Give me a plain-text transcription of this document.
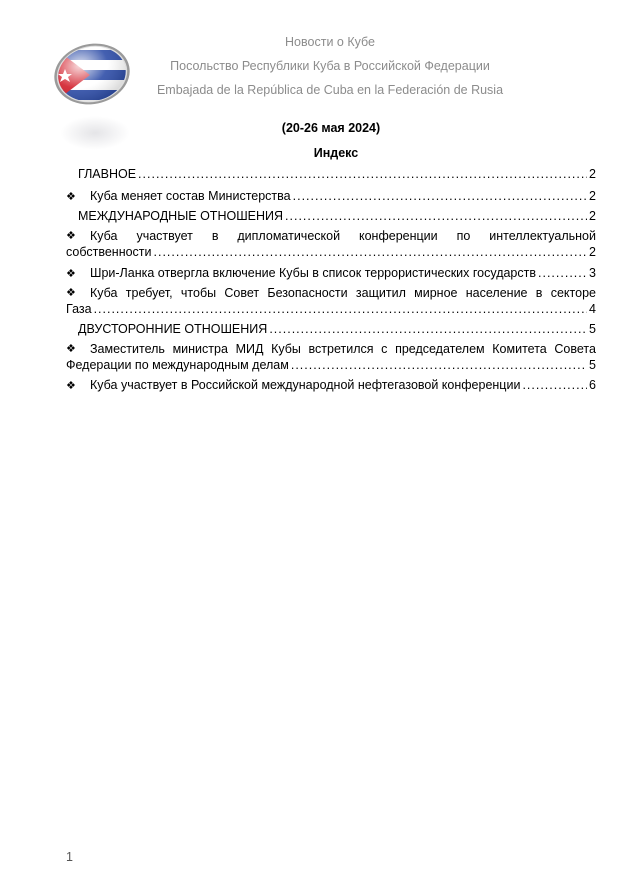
Новости о Кубе
Посольство Республики Куба в Российской Федерации
Embajada de la República de Cuba en la Federación de Rusia
(20-26 мая 2024)
Индекс
ГЛАВНОЕ .....	2
❖	Куба меняет состав Министерства .....	2
МЕЖДУНАРОДНЫЕ ОТНОШЕНИЯ .....	2
❖	Куба участвует в дипломатической конференции по интеллектуальной
собственности .....	2
❖	Шри-Ланка отвергла включение Кубы в список террористических государств .....	3
❖	Куба требует, чтобы Совет Безопасности защитил мирное население в секторе
Газа .....	4
ДВУСТОРОННИЕ ОТНОШЕНИЯ .....	5
❖	Заместитель министра МИД Кубы встретился с председателем Комитета Совета
Федерации по международным делам .....	5
❖	Куба участвует в Российской международной нефтегазовой конференции .....	6
1
